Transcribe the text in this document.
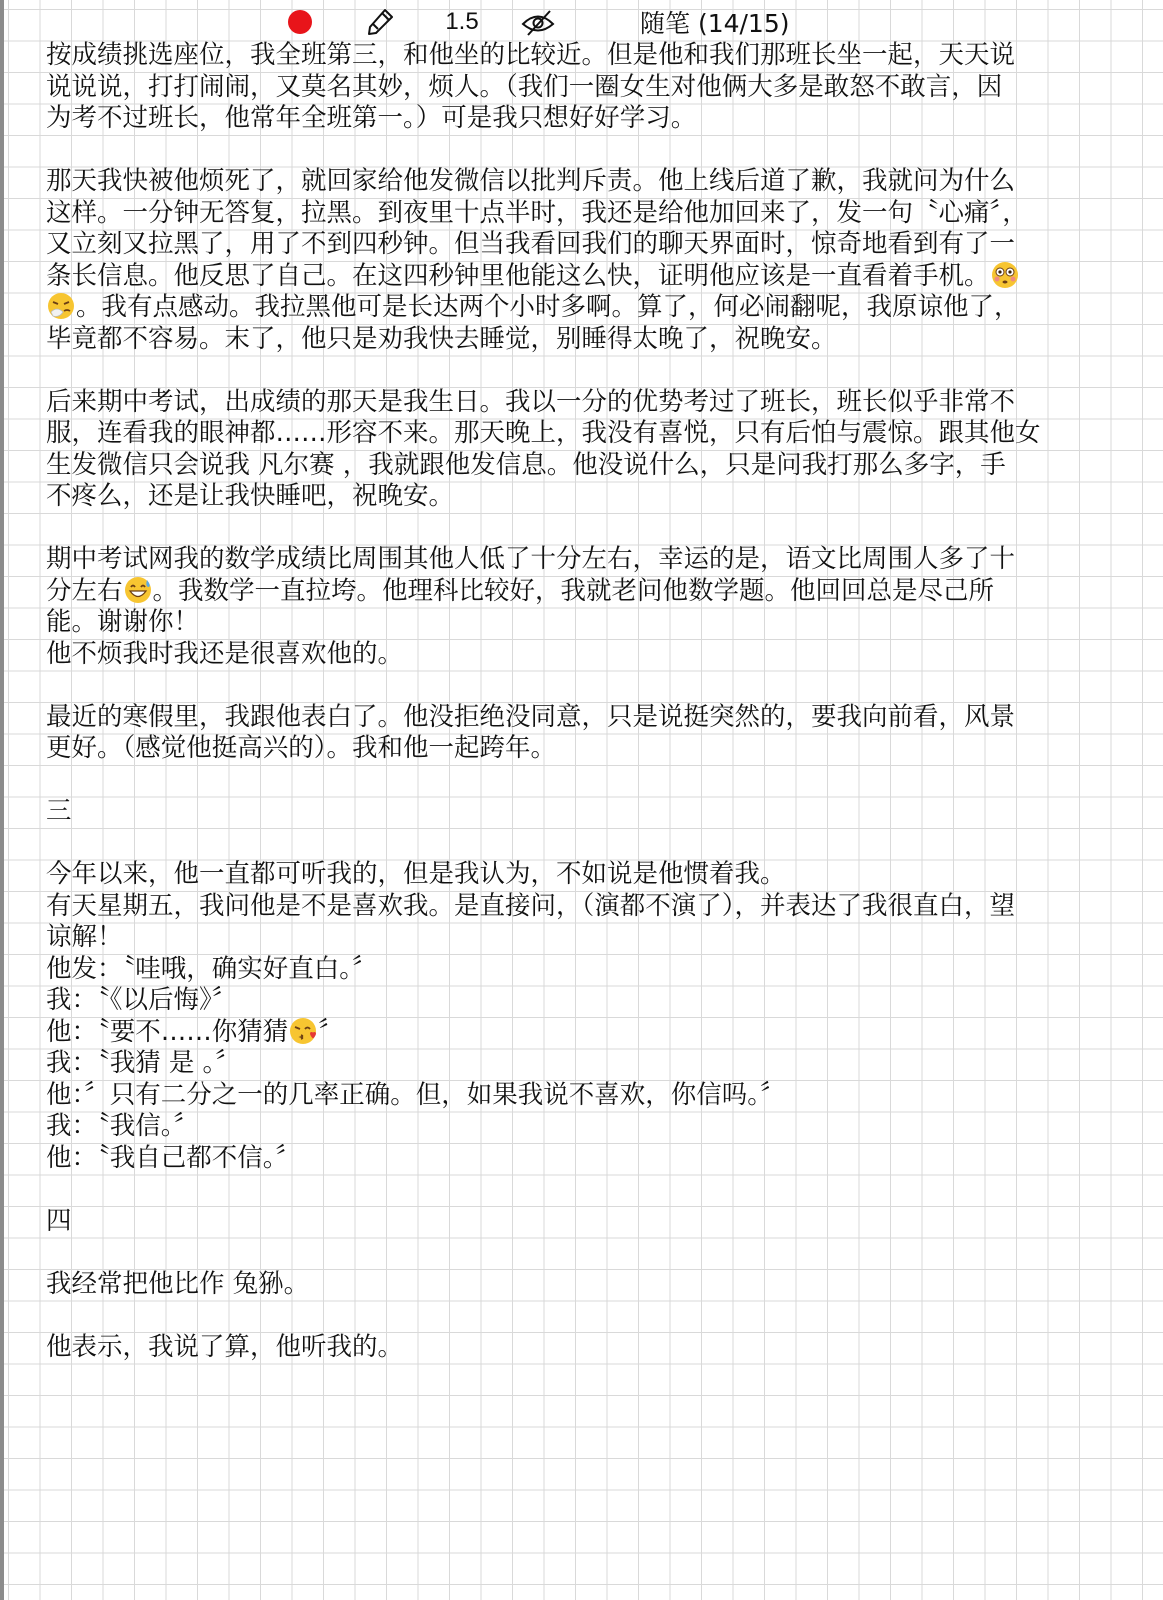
1.5	随笔 (14/15)
按成绩挑选座位，我全班第三，和他坐的比较近。但是他和我们那班长坐一起，天天说
说说说，打打闹闹，又莫名其妙，烦人。（我们一圈女生对他俩大多是敢怒不敢言，因
为考不过班长，他常年全班第一。）可是我只想好好学习。
那天我快被他烦死了，就回家给他发微信以批判斥责。他上线后道了歉，我就问为什么
这样。一分钟无答复，拉黑。到夜里十点半时，我还是给他加回来了，发一句〝心痛〞，
又立刻又拉黑了，用了不到四秒钟。但当我看回我们的聊天界面时，惊奇地看到有了一
条长信息。他反思了自己。在这四秒钟里他能这么快，证明他应该是一直看着手机。
。我有点感动。我拉黑他可是长达两个小时多啊。算了，何必闹翻呢，我原谅他了，
毕竟都不容易。末了，他只是劝我快去睡觉，别睡得太晚了，祝晚安。
后来期中考试，出成绩的那天是我生日。我以一分的优势考过了班长，班长似乎非常不
服，连看我的眼神都……形容不来。那天晚上，我没有喜悦，只有后怕与震惊。跟其他女
生发微信只会说我 凡尔赛 ，我就跟他发信息。他没说什么，只是问我打那么多字，手
不疼么，还是让我快睡吧，祝晚安。
期中考试网我的数学成绩比周围其他人低了十分左右，幸运的是，语文比周围人多了十
分左右 。我数学一直拉垮。他理科比较好，我就老问他数学题。他回回总是尽己所
能。谢谢你！
他不烦我时我还是很喜欢他的。
最近的寒假里，我跟他表白了。他没拒绝没同意，只是说挺突然的，要我向前看，风景
更好。（感觉他挺高兴的）。我和他一起跨年。
三
今年以来，他一直都可听我的，但是我认为，不如说是他惯着我。
有天星期五，我问他是不是喜欢我。是直接问，（演都不演了），并表达了我很直白，望
谅解！
他发：〝哇哦，确实好直白。〞
我：〝《以后悔》〞
他：〝要不……你猜猜 〞
我：〝我猜 是 。〞
他：〞只有二分之一的几率正确。但，如果我说不喜欢，你信吗。〞
我：〝我信。〞
他：〝我自己都不信。〞
四
我经常把他比作 兔狲。
他表示，我说了算，他听我的。
